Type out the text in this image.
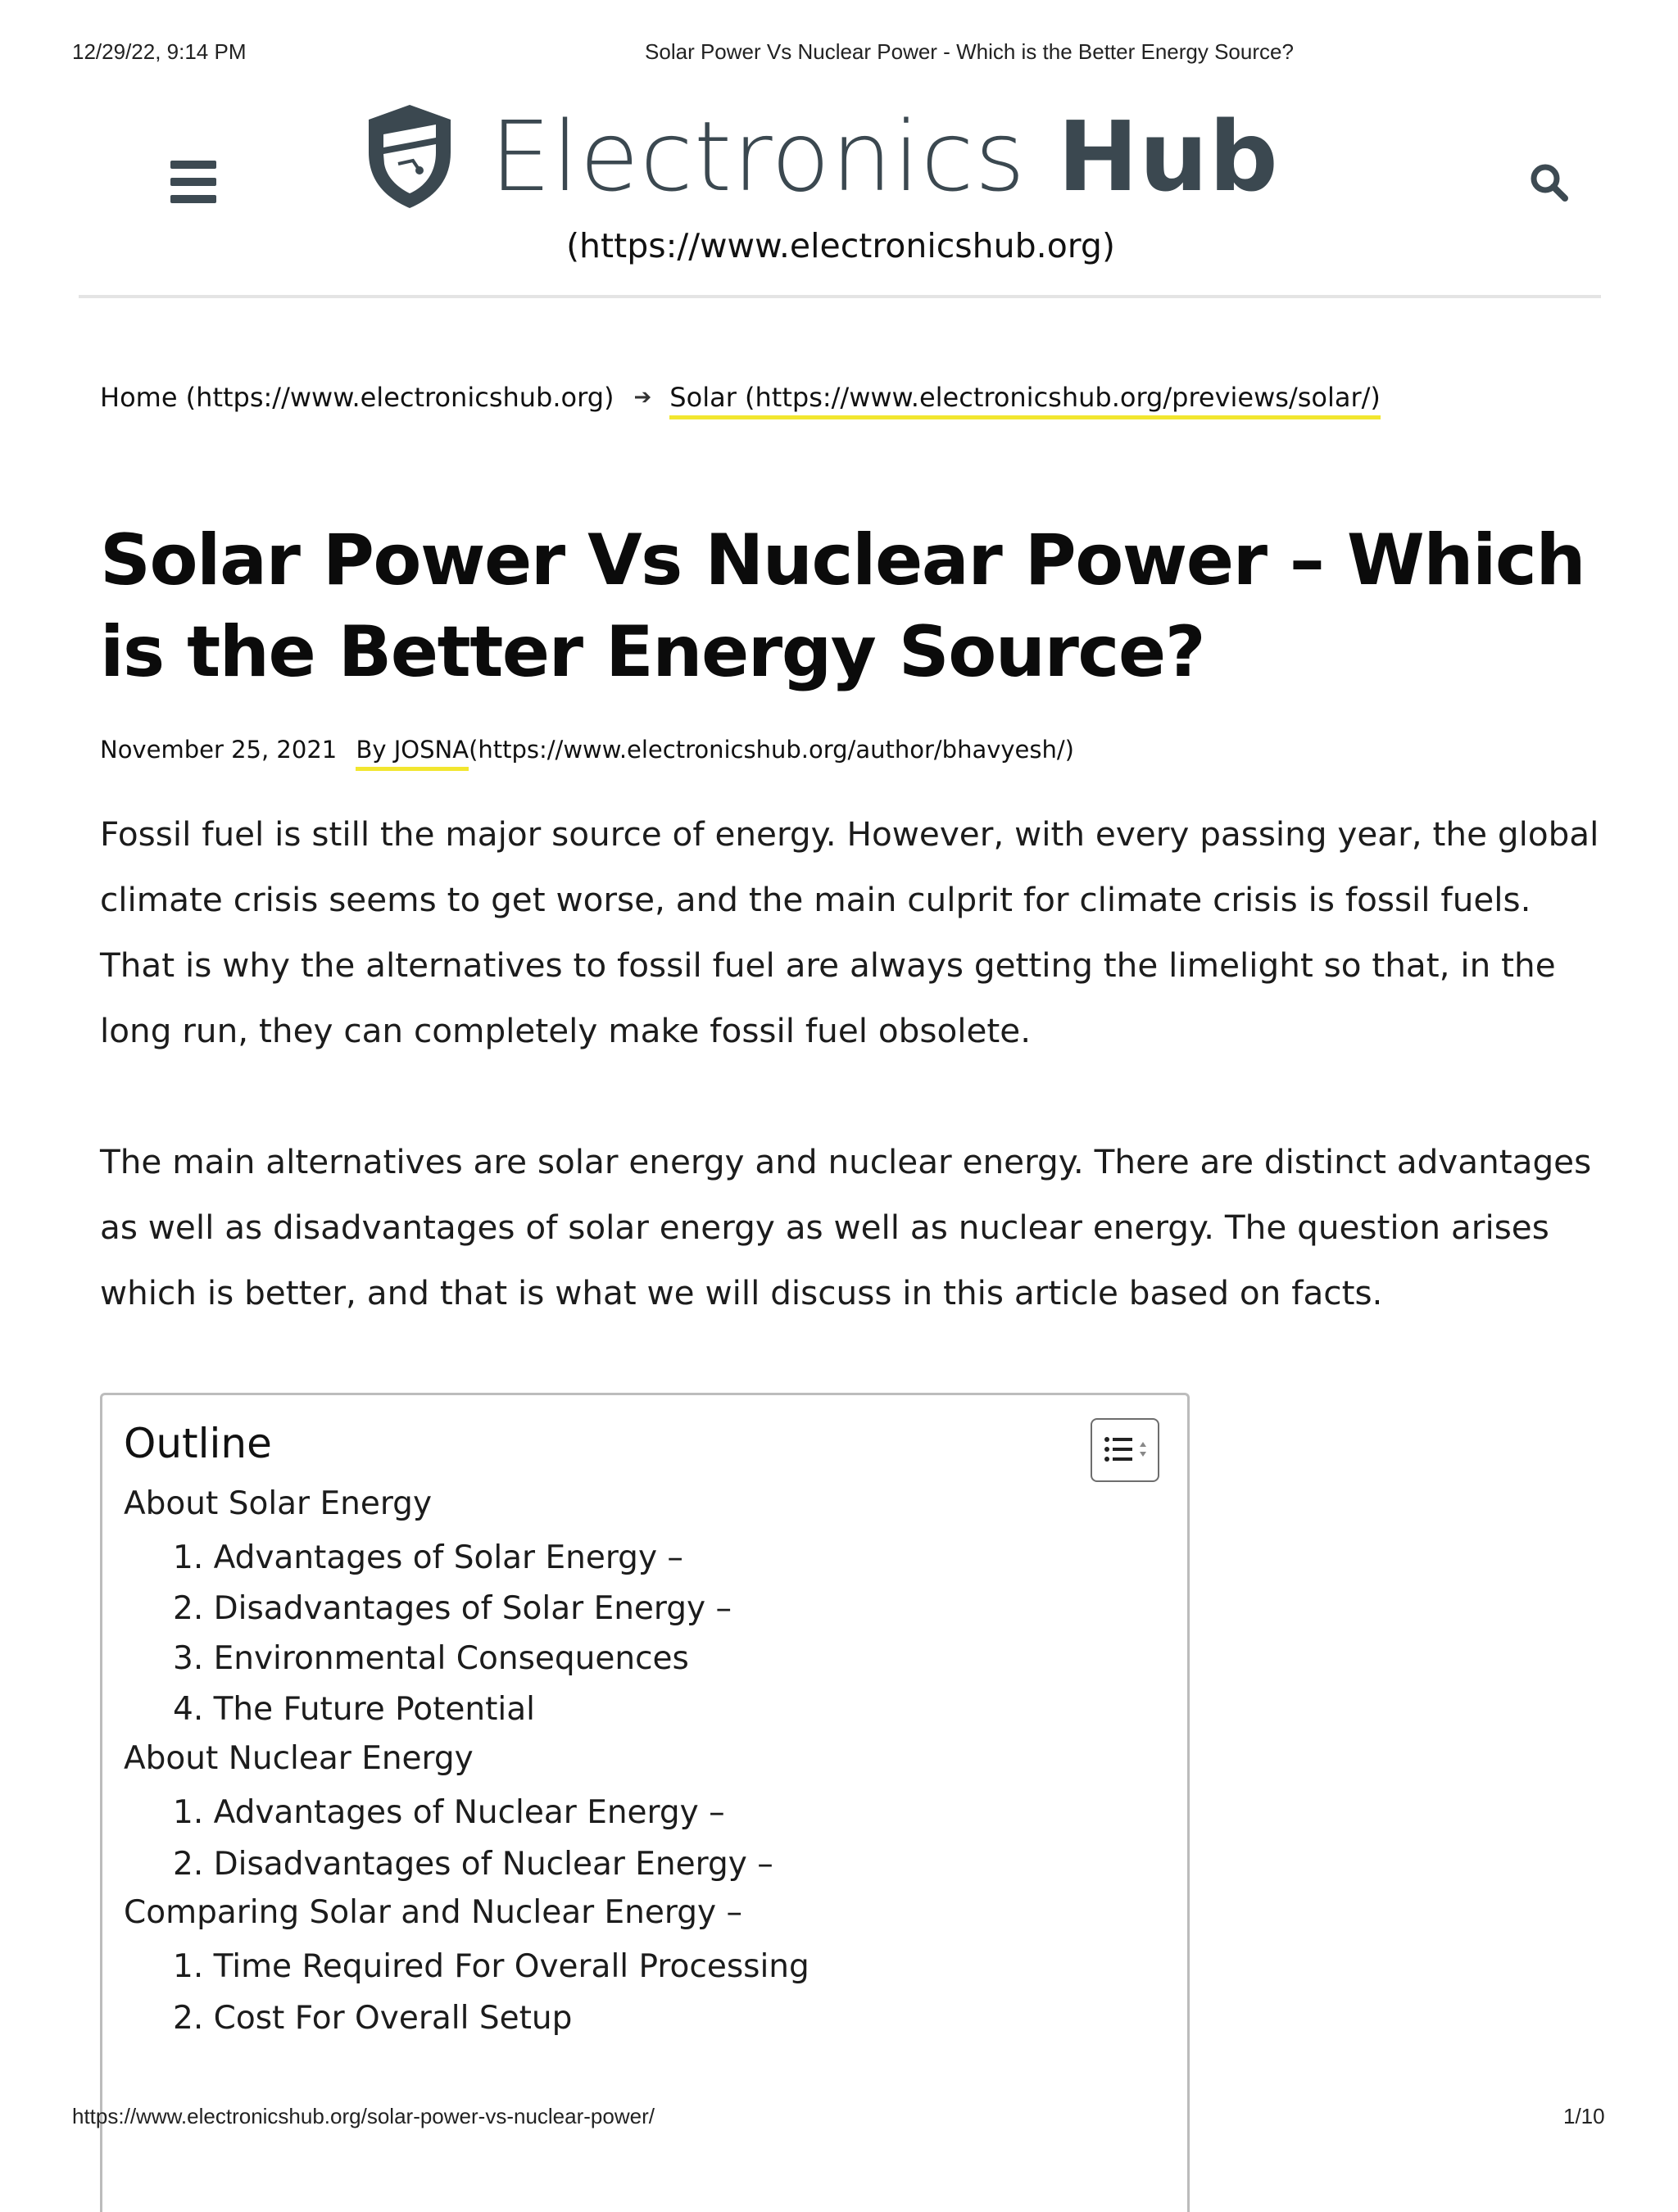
12/29/22, 9:14 PM	Solar Power Vs Nuclear Power - Which is the Better Energy Source?
Electronics Hub
(https://www.electronicshub.org)
Home (https://www.electronicshub.org) ➔ Solar (https://www.electronicshub.org/previews/solar/)
Solar Power Vs Nuclear Power – Which is the Better Energy Source?
November 25, 2021 By JOSNA(https://www.electronicshub.org/author/bhavyesh/)

Fossil fuel is still the major source of energy. However, with every passing year, the global climate crisis seems to get worse, and the main culprit for climate crisis is fossil fuels. That is why the alternatives to fossil fuel are always getting the limelight so that, in the long run, they can completely make fossil fuel obsolete.

The main alternatives are solar energy and nuclear energy. There are distinct advantages as well as disadvantages of solar energy as well as nuclear energy. The question arises which is better, and that is what we will discuss in this article based on facts.

Outline
About Solar Energy
1. Advantages of Solar Energy –
2. Disadvantages of Solar Energy –
3. Environmental Consequences
4. The Future Potential
About Nuclear Energy
1. Advantages of Nuclear Energy –
2. Disadvantages of Nuclear Energy –
Comparing Solar and Nuclear Energy –
1. Time Required For Overall Processing
2. Cost For Overall Setup
https://www.electronicshub.org/solar-power-vs-nuclear-power/	1/10
